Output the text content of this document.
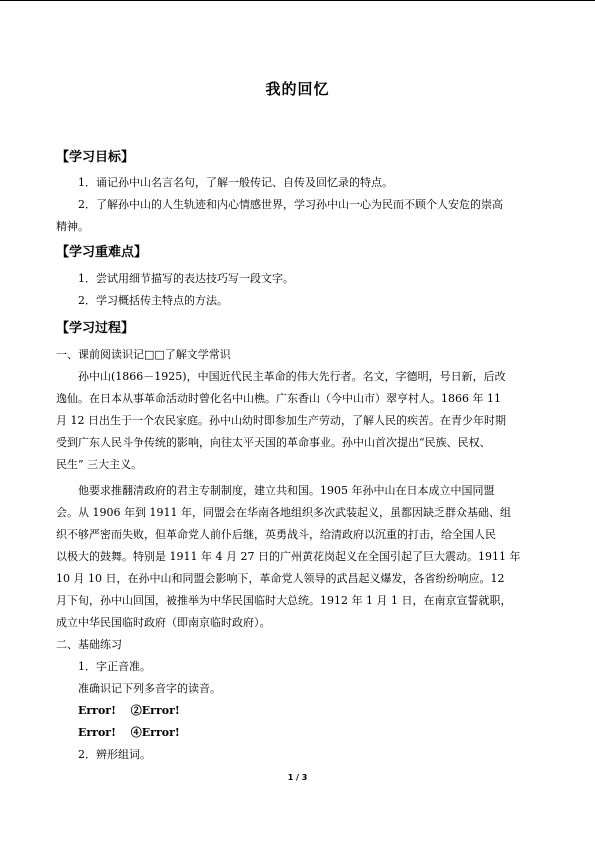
我的回忆
【学习目标】
1．诵记孙中山名言名句，了解一般传记、自传及回忆录的特点。
2．了解孙中山的人生轨迹和内心情感世界，学习孙中山一心为民而不顾个人安危的崇高
精神。
【学习重难点】
1．尝试用细节描写的表达技巧写一段文字。
2．学习概括传主特点的方法。
【学习过程】
一、课前阅读识记□□了解文学常识
孙中山(1866－1925)，中国近代民主革命的伟大先行者。名文，字德明，号日新，后改
逸仙。在日本从事革命活动时曾化名中山樵。广东香山（今中山市）翠亨村人。1866 年 11
月 12 日出生于一个农民家庭。孙中山幼时即参加生产劳动，了解人民的疾苦。在青少年时期
受到广东人民斗争传统的影响，向往太平天国的革命事业。孙中山首次提出“民族、民权、
民生” 三大主义。
他要求推翻清政府的君主专制制度，建立共和国。1905 年孙中山在日本成立中国同盟
会。从 1906 年到 1911 年，同盟会在华南各地组织多次武装起义，虽都因缺乏群众基础、组
织不够严密而失败，但革命党人前仆后继，英勇战斗，给清政府以沉重的打击，给全国人民
以极大的鼓舞。特别是 1911 年 4 月 27 日的广州黄花岗起义在全国引起了巨大震动。1911 年
10 月 10 日，在孙中山和同盟会影响下，革命党人领导的武昌起义爆发，各省纷纷响应。12
月下旬，孙中山回国，被推举为中华民国临时大总统。1912 年 1 月 1 日，在南京宣誓就职，
成立中华民国临时政府（即南京临时政府）。
二、基础练习
1．字正音准。
准确识记下列多音字的读音。
Error!　 ②Error!
Error!　 ④Error!
2．辨形组词。
1 / 3
